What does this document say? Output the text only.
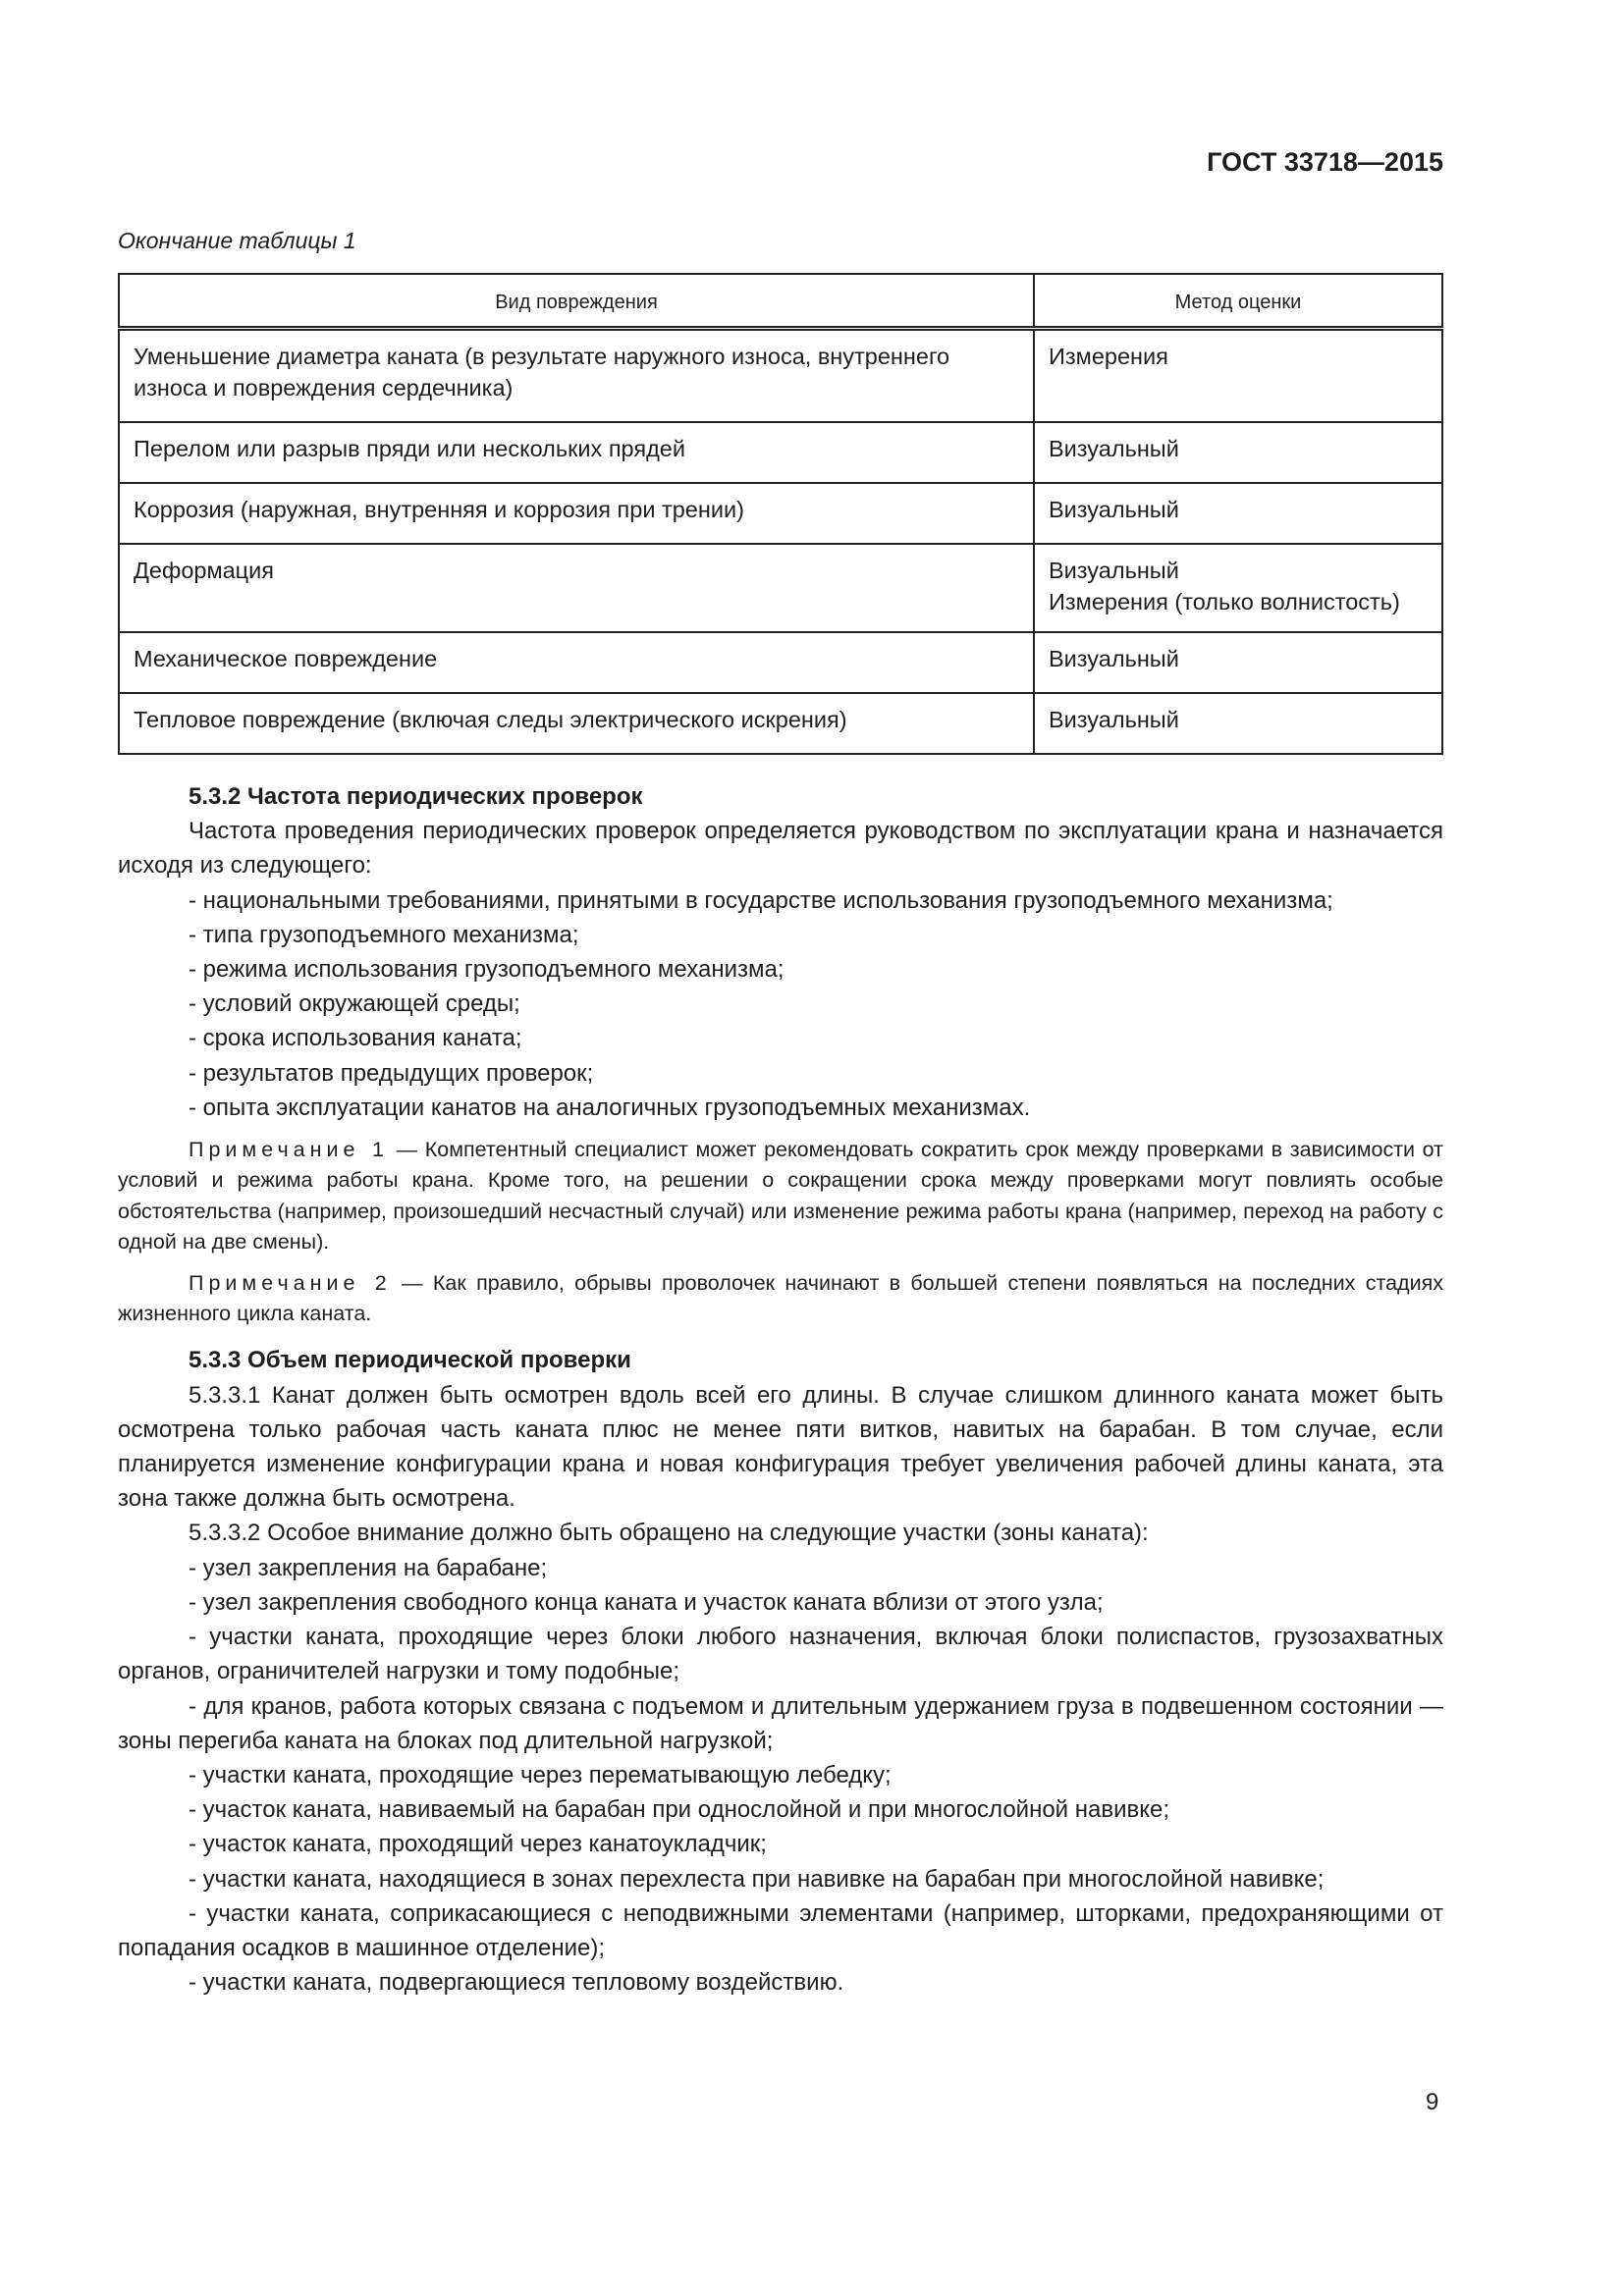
ГОСТ 33718—2015
Окончание таблицы 1
Вид повреждения	Метод оценки
Уменьшение диаметра каната (в результате наружного износа, внутреннего износа и повреждения сердечника)	Измерения
Перелом или разрыв пряди или нескольких прядей	Визуальный
Коррозия (наружная, внутренняя и коррозия при трении)	Визуальный
Деформация	Визуальный
Измерения (только волнистость)

Механическое повреждение	Визуальный
Тепловое повреждение (включая следы электрического искрения)	Визуальный
5.3.2 Частота периодических проверок

Частота проведения периодических проверок определяется руководством по эксплуатации крана и назначается исходя из следующего:

- национальными требованиями, принятыми в государстве использования грузоподъемного механизма;

- типа грузоподъемного механизма;

- режима использования грузоподъемного механизма;

- условий окружающей среды;

- срока использования каната;

- результатов предыдущих проверок;

- опыта эксплуатации канатов на аналогичных грузоподъемных механизмах.

Примечание 1 — Компетентный специалист может рекомендовать сократить срок между проверками в зависимости от условий и режима работы крана. Кроме того, на решении о сокращении срока между проверками могут повлиять особые обстоятельства (например, произошедший несчастный случай) или изменение режима работы крана (например, переход на работу с одной на две смены).

Примечание 2 — Как правило, обрывы проволочек начинают в большей степени появляться на последних стадиях жизненного цикла каната.

5.3.3 Объем периодической проверки

5.3.3.1 Канат должен быть осмотрен вдоль всей его длины. В случае слишком длинного каната может быть осмотрена только рабочая часть каната плюс не менее пяти витков, навитых на барабан. В том случае, если планируется изменение конфигурации крана и новая конфигурация требует увеличения рабочей длины каната, эта зона также должна быть осмотрена.

5.3.3.2 Особое внимание должно быть обращено на следующие участки (зоны каната):

- узел закрепления на барабане;

- узел закрепления свободного конца каната и участок каната вблизи от этого узла;

- участки каната, проходящие через блоки любого назначения, включая блоки полиспастов, грузозахватных органов, ограничителей нагрузки и тому подобные;

- для кранов, работа которых связана с подъемом и длительным удержанием груза в подвешенном состоянии — зоны перегиба каната на блоках под длительной нагрузкой;

- участки каната, проходящие через перематывающую лебедку;

- участок каната, навиваемый на барабан при однослойной и при многослойной навивке;

- участок каната, проходящий через канатоукладчик;

- участки каната, находящиеся в зонах перехлеста при навивке на барабан при многослойной навивке;

- участки каната, соприкасающиеся с неподвижными элементами (например, шторками, предохраняющими от попадания осадков в машинное отделение);

- участки каната, подвергающиеся тепловому воздействию.

9
